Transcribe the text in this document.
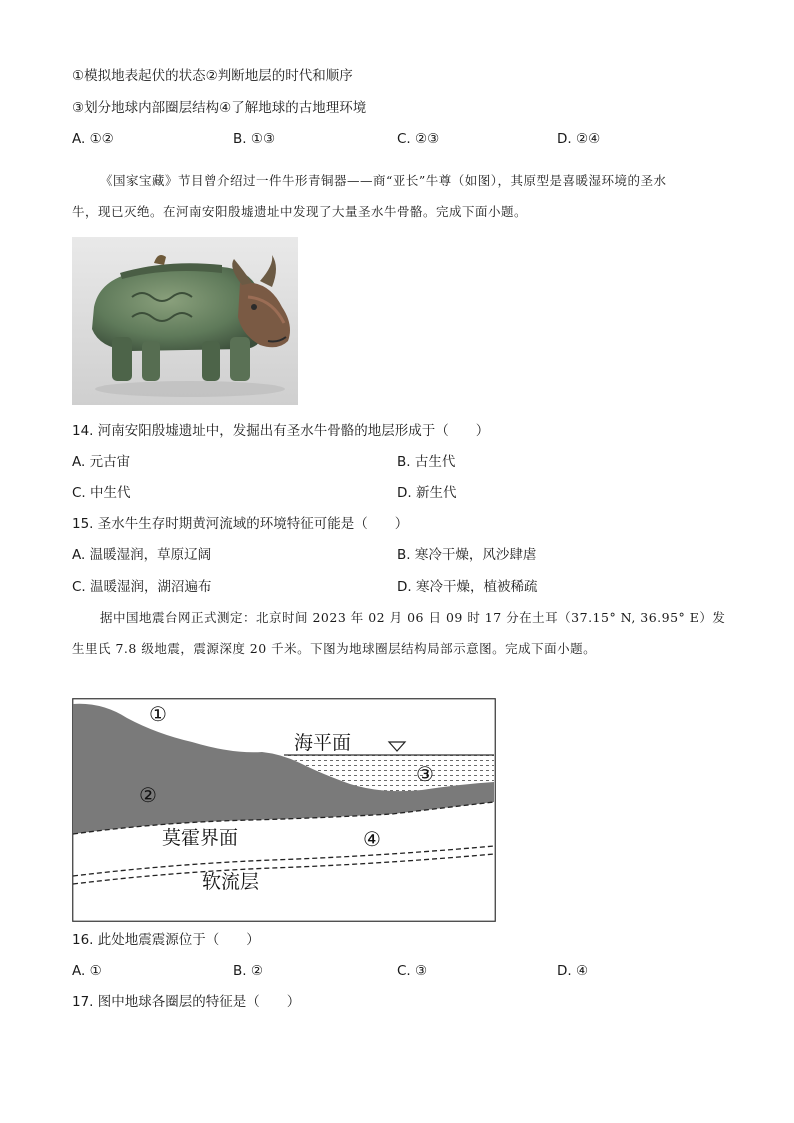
①模拟地表起伏的状态②判断地层的时代和顺序
③划分地球内部圈层结构④了解地球的古地理环境
A. ①②	B. ①③	C. ②③	D. ②④
《国家宝藏》节目曾介绍过一件牛形青铜器——商“亚长”牛尊（如图），其原型是喜暖湿环境的圣水
牛，现已灭绝。在河南安阳殷墟遗址中发现了大量圣水牛骨骼。完成下面小题。
14. 河南安阳殷墟遗址中，发掘出有圣水牛骨骼的地层形成于（　　）
A. 元古宙	B. 古生代
C. 中生代	D. 新生代
15. 圣水牛生存时期黄河流域的环境特征可能是（　　）
A. 温暖湿润，草原辽阔	B. 寒冷干燥，风沙肆虐
C. 温暖湿润，湖沼遍布	D. 寒冷干燥，植被稀疏
据中国地震台网正式测定：北京时间 2023 年 02 月 06 日 09 时 17 分在土耳（37.15° N, 36.95° E）发
生里氏 7.8 级地震，震源深度 20 千米。下图为地球圈层结构局部示意图。完成下面小题。
①
②
③
④
海平面
莫霍界面
软流层
16. 此处地震震源位于（　　）
A. ①	B. ②	C. ③	D. ④
17. 图中地球各圈层的特征是（　　）
